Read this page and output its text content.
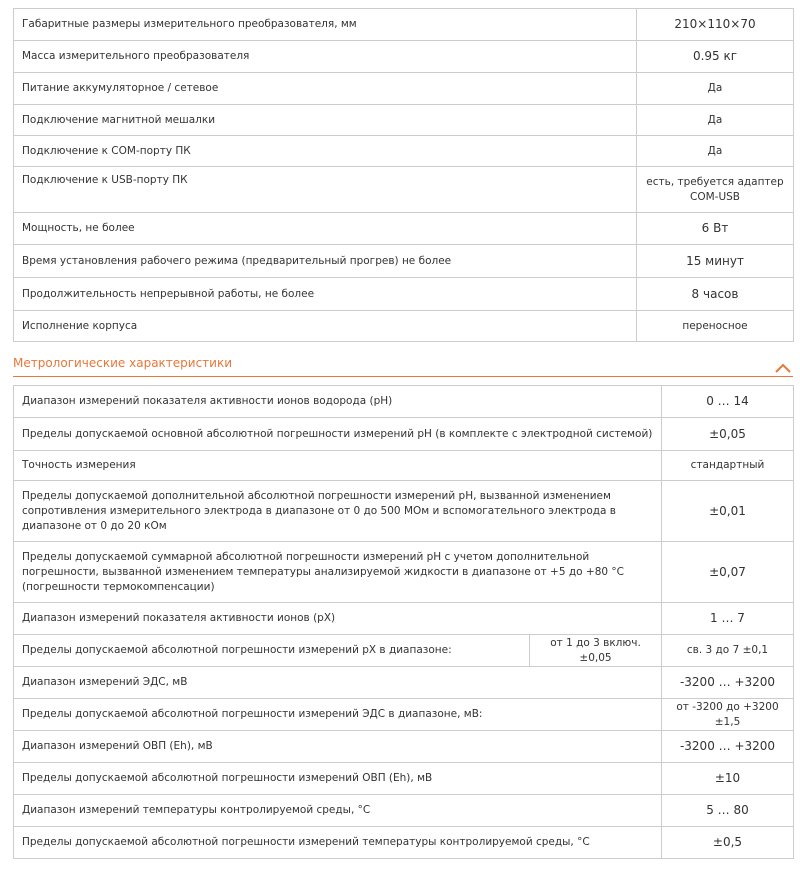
Габаритные размеры измерительного преобразователя, мм	210×110×70
Масса измерительного преобразователя	0.95 кг
Питание аккумуляторное / сетевое	Да
Подключение магнитной мешалки	Да
Подключение к COM-порту ПК	Да
Подключение к USB-порту ПК	есть, требуется адаптер COM-USB
Мощность, не более	6 Вт
Время установления рабочего режима (предварительный прогрев) не более	15 минут
Продолжительность непрерывной работы, не более	8 часов
Исполнение корпуса	переносное
Метрологические характеристики
Диапазон измерений показателя активности ионов водорода (pH)		0 … 14
Пределы допускаемой основной абсолютной погрешности измерений pH (в комплекте с электродной системой)		±0,05
Точность измерения		стандартный
Пределы допускаемой дополнительной абсолютной погрешности измерений pH, вызванной изменением сопротивления измерительного электрода в диапазоне от 0 до 500 МОм и вспомогательного электрода в диапазоне от 0 до 20 кОм		±0,01
Пределы допускаемой суммарной абсолютной погрешности измерений pH с учетом дополнительной погрешности, вызванной изменением температуры анализируемой жидкости в диапазоне от +5 до +80 °С (погрешности термокомпенсации)		±0,07
Диапазон измерений показателя активности ионов (pX)		1 … 7
Пределы допускаемой абсолютной погрешности измерений pX в диапазоне:	от 1 до 3 включ. ±0,05	св. 3 до 7 ±0,1
Диапазон измерений ЭДС, мВ		-3200 … +3200
Пределы допускаемой абсолютной погрешности измерений ЭДС в диапазоне, мВ:		от -3200 до +3200 ±1,5
Диапазон измерений ОВП (Eh), мВ		-3200 … +3200
Пределы допускаемой абсолютной погрешности измерений ОВП (Eh), мВ		±10
Диапазон измерений температуры контролируемой среды, °С		5 … 80
Пределы допускаемой абсолютной погрешности измерений температуры контролируемой среды, °С		±0,5
